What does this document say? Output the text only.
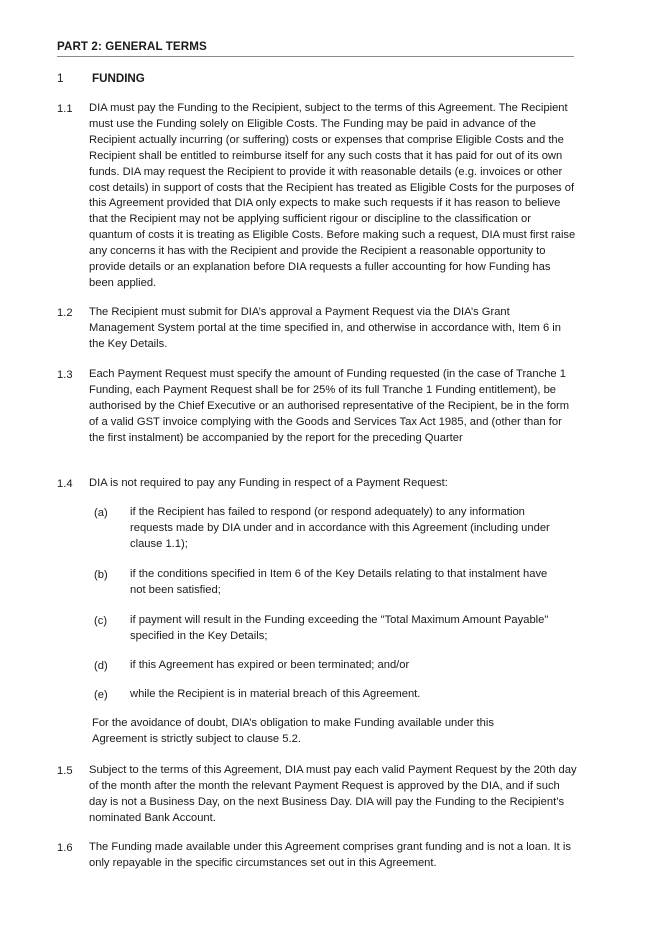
PART 2: GENERAL TERMS
1 FUNDING
1.1 DIA must pay the Funding to the Recipient, subject to the terms of this Agreement. The Recipient must use the Funding solely on Eligible Costs. The Funding may be paid in advance of the Recipient actually incurring (or suffering) costs or expenses that comprise Eligible Costs and the Recipient shall be entitled to reimburse itself for any such costs that it has paid for out of its own funds. DIA may request the Recipient to provide it with reasonable details (e.g. invoices or other cost details) in support of costs that the Recipient has treated as Eligible Costs for the purposes of this Agreement provided that DIA only expects to make such requests if it has reason to believe that the Recipient may not be applying sufficient rigour or discipline to the classification or quantum of costs it is treating as Eligible Costs. Before making such a request, DIA must first raise any concerns it has with the Recipient and provide the Recipient a reasonable opportunity to provide details or an explanation before DIA requests a fuller accounting for how Funding has been applied.
1.2 The Recipient must submit for DIA’s approval a Payment Request via the DIA’s Grant Management System portal at the time specified in, and otherwise in accordance with, Item 6 in the Key Details.
1.3 Each Payment Request must specify the amount of Funding requested (in the case of Tranche 1 Funding, each Payment Request shall be for 25% of its full Tranche 1 Funding entitlement), be authorised by the Chief Executive or an authorised representative of the Recipient, be in the form of a valid GST invoice complying with the Goods and Services Tax Act 1985, and (other than for the first instalment) be accompanied by the report for the preceding Quarter
1.4 DIA is not required to pay any Funding in respect of a Payment Request:
(a) if the Recipient has failed to respond (or respond adequately) to any information requests made by DIA under and in accordance with this Agreement (including under clause 1.1);
(b) if the conditions specified in Item 6 of the Key Details relating to that instalment have not been satisfied;
(c) if payment will result in the Funding exceeding the "Total Maximum Amount Payable" specified in the Key Details;
(d) if this Agreement has expired or been terminated; and/or
(e) while the Recipient is in material breach of this Agreement.
For the avoidance of doubt, DIA’s obligation to make Funding available under this Agreement is strictly subject to clause 5.2.
1.5 Subject to the terms of this Agreement, DIA must pay each valid Payment Request by the 20th day of the month after the month the relevant Payment Request is approved by the DIA, and if such day is not a Business Day, on the next Business Day. DIA will pay the Funding to the Recipient’s nominated Bank Account.
1.6 The Funding made available under this Agreement comprises grant funding and is not a loan. It is only repayable in the specific circumstances set out in this Agreement.
